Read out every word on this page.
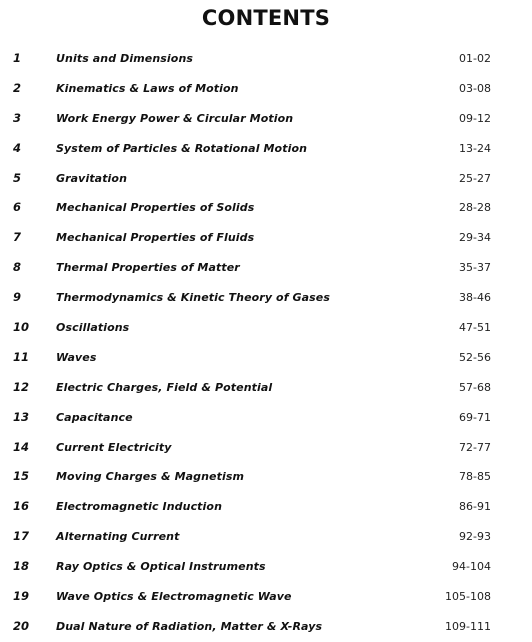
CONTENTS
1	Units and Dimensions	01-02
2	Kinematics & Laws of Motion	03-08
3	Work Energy Power & Circular Motion	09-12
4	System of Particles & Rotational Motion	13-24
5	Gravitation	25-27
6	Mechanical Properties of Solids	28-28
7	Mechanical Properties of Fluids	29-34
8	Thermal Properties of Matter	35-37
9	Thermodynamics & Kinetic Theory of Gases	38-46
10 Oscillations	47-51
11 Waves	52-56
12 Electric Charges, Field & Potential	57-68
13 Capacitance	69-71
14 Current Electricity	72-77
15 Moving Charges & Magnetism	78-85
16 Electromagnetic Induction	86-91
17 Alternating Current	92-93
18 Ray Optics & Optical Instruments	94-104
19 Wave Optics & Electromagnetic Wave	105-108
20 Dual Nature of Radiation, Matter & X-Rays	109-111
